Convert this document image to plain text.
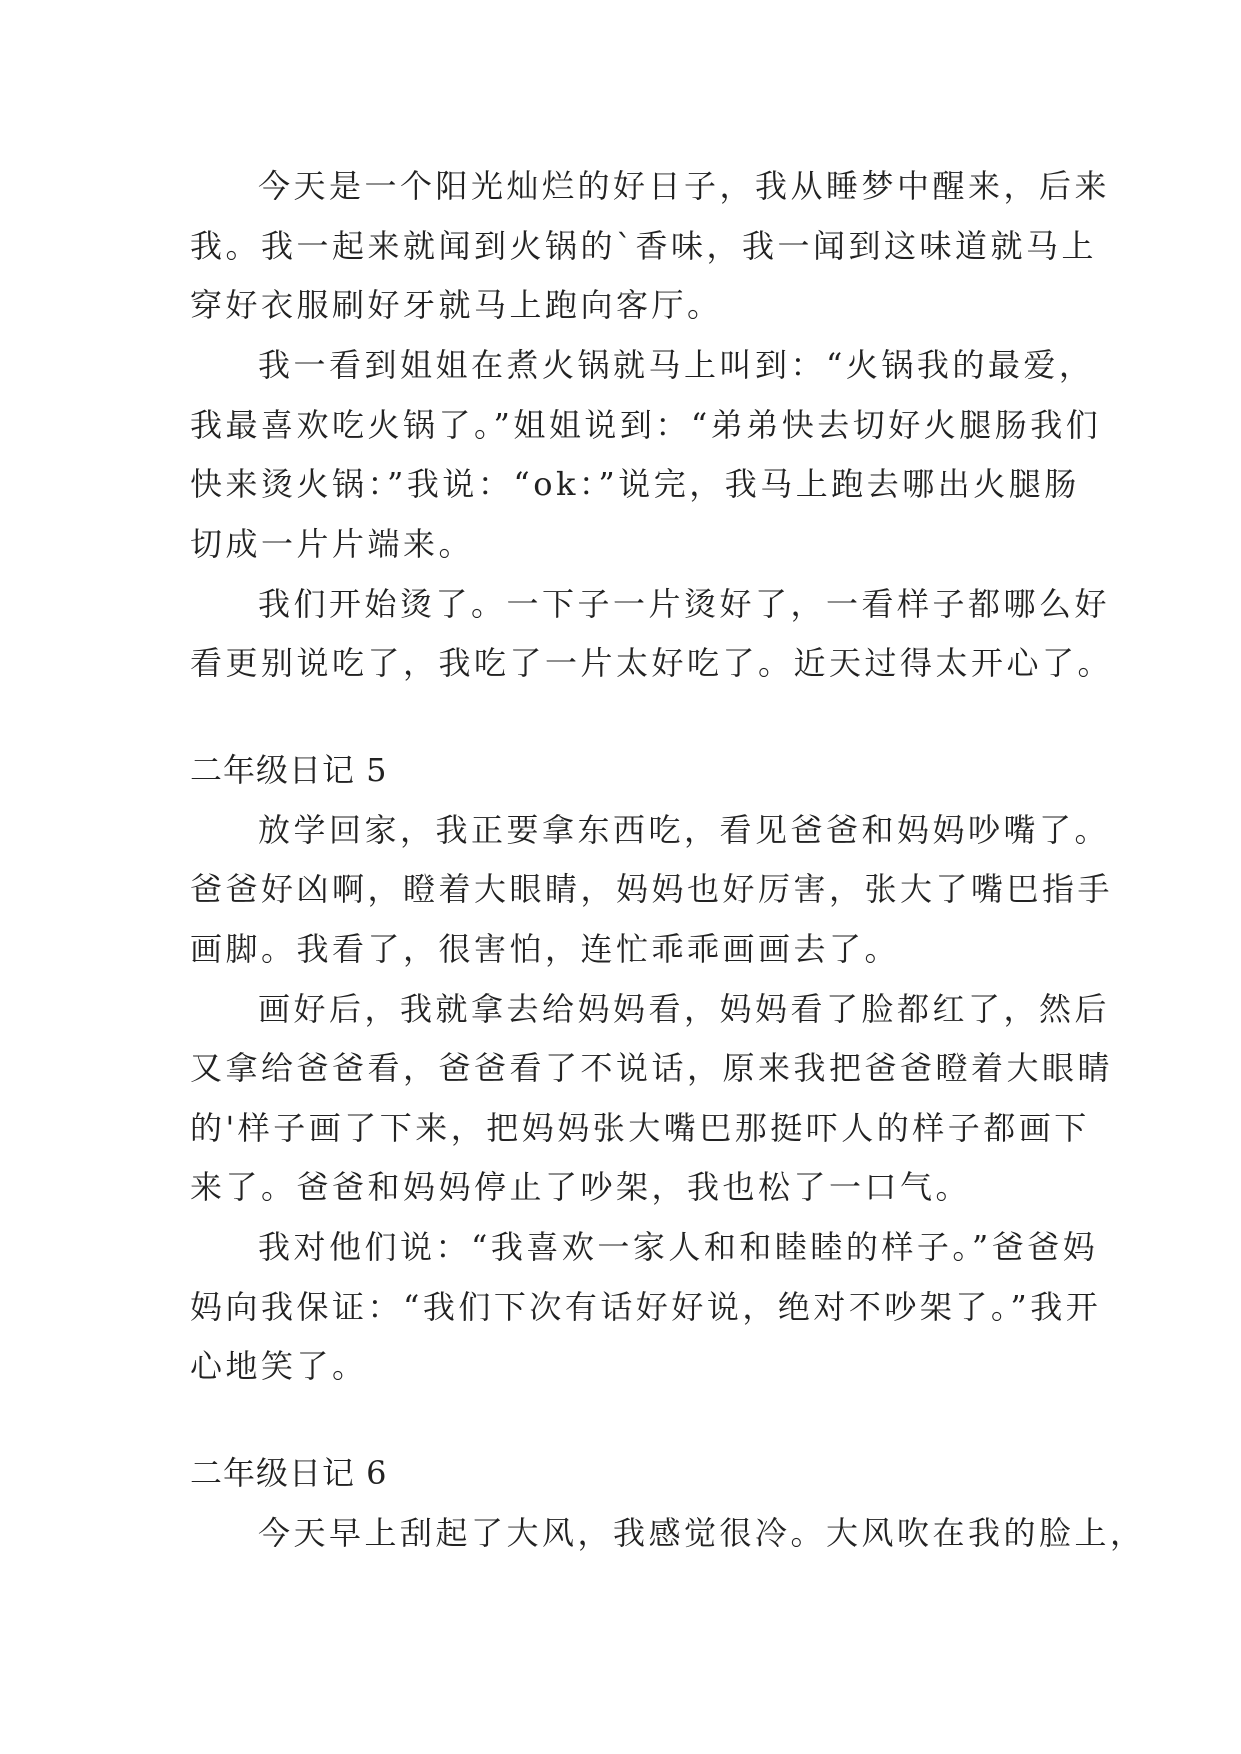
今天是一个阳光灿烂的好日子，我从睡梦中醒来，后来
我。我一起来就闻到火锅的`香味，我一闻到这味道就马上
穿好衣服刷好牙就马上跑向客厅。
我一看到姐姐在煮火锅就马上叫到：“火锅我的最爱，
我最喜欢吃火锅了。”姐姐说到：“弟弟快去切好火腿肠我们
快来烫火锅：”我说：“ok：”说完，我马上跑去哪出火腿肠
切成一片片端来。
我们开始烫了。一下子一片烫好了，一看样子都哪么好
看更别说吃了，我吃了一片太好吃了。近天过得太开心了。
二年级日记 5
放学回家，我正要拿东西吃，看见爸爸和妈妈吵嘴了。
爸爸好凶啊，瞪着大眼睛，妈妈也好厉害，张大了嘴巴指手
画脚。我看了，很害怕，连忙乖乖画画去了。
画好后，我就拿去给妈妈看，妈妈看了脸都红了，然后
又拿给爸爸看，爸爸看了不说话，原来我把爸爸瞪着大眼睛
的'样子画了下来，把妈妈张大嘴巴那挺吓人的样子都画下
来了。爸爸和妈妈停止了吵架，我也松了一口气。
我对他们说：“我喜欢一家人和和睦睦的样子。”爸爸妈
妈向我保证：“我们下次有话好好说，绝对不吵架了。”我开
心地笑了。
二年级日记 6
今天早上刮起了大风，我感觉很冷。大风吹在我的脸上，
